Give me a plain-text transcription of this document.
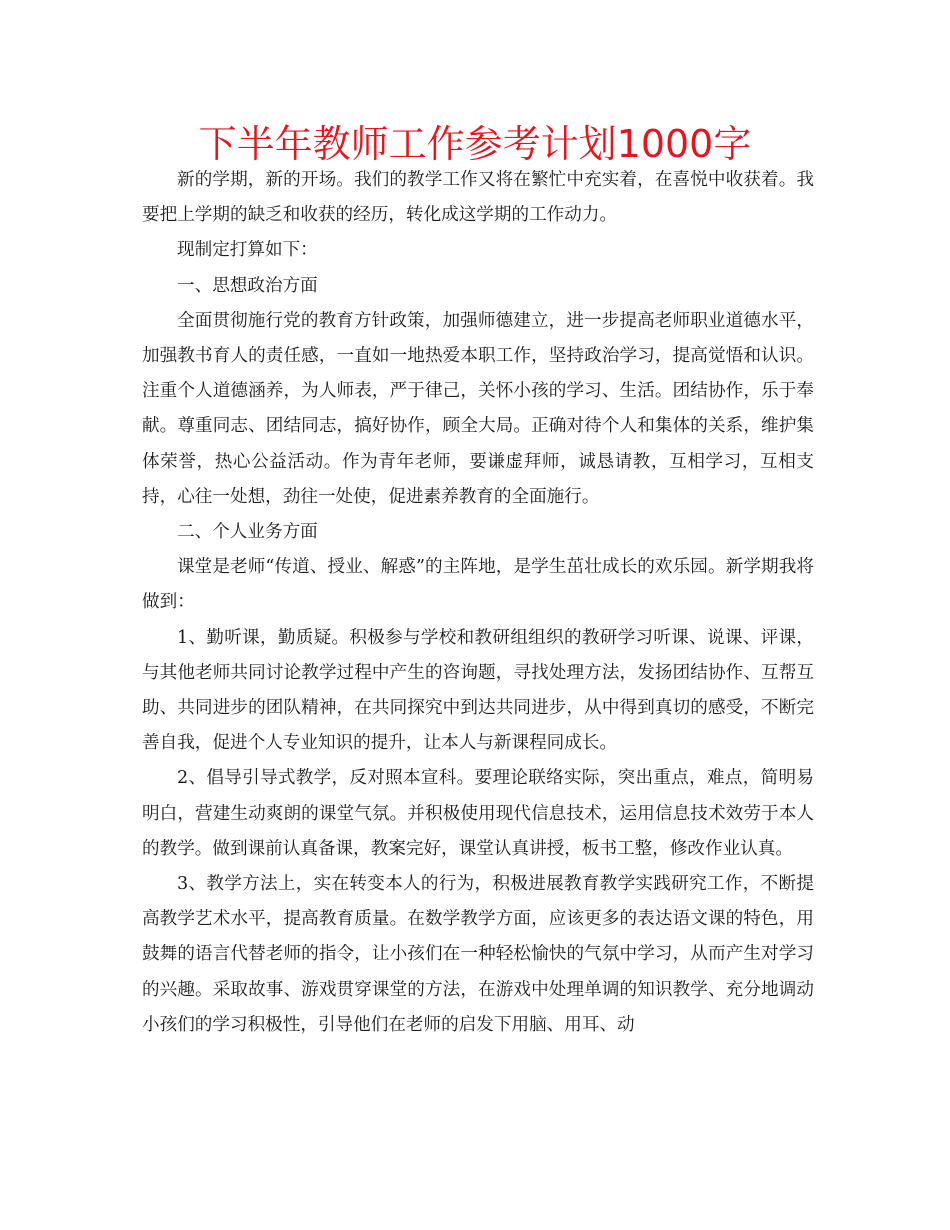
下半年教师工作参考计划1000字

新的学期，新的开场。我们的教学工作又将在繁忙中充实着，在喜悦中收获着。我要把上学期的缺乏和收获的经历，转化成这学期的工作动力。

现制定打算如下：

一、思想政治方面

全面贯彻施行党的教育方针政策，加强师德建立，进一步提高老师职业道德水平，加强教书育人的责任感，一直如一地热爱本职工作，坚持政治学习，提高觉悟和认识。注重个人道德涵养，为人师表，严于律己，关怀小孩的学习、生活。团结协作，乐于奉献。尊重同志、团结同志，搞好协作，顾全大局。正确对待个人和集体的关系，维护集体荣誉，热心公益活动。作为青年老师，要谦虚拜师，诚恳请教，互相学习，互相支持，心往一处想，劲往一处使，促进素养教育的全面施行。

二、个人业务方面

课堂是老师“传道、授业、解惑”的主阵地，是学生茁壮成长的欢乐园。新学期我将做到：

1、勤听课，勤质疑。积极参与学校和教研组组织的教研学习听课、说课、评课，与其他老师共同讨论教学过程中产生的咨询题，寻找处理方法，发扬团结协作、互帮互助、共同进步的团队精神，在共同探究中到达共同进步，从中得到真切的感受，不断完善自我，促进个人专业知识的提升，让本人与新课程同成长。

2、倡导引导式教学，反对照本宣科。要理论联络实际，突出重点，难点，简明易明白，营建生动爽朗的课堂气氛。并积极使用现代信息技术，运用信息技术效劳于本人的教学。做到课前认真备课，教案完好，课堂认真讲授，板书工整，修改作业认真。

3、教学方法上，实在转变本人的行为，积极进展教育教学实践研究工作，不断提高教学艺术水平，提高教育质量。在数学教学方面，应该更多的表达语文课的特色，用鼓舞的语言代替老师的指令，让小孩们在一种轻松愉快的气氛中学习，从而产生对学习的兴趣。采取故事、游戏贯穿课堂的方法，在游戏中处理单调的知识教学、充分地调动小孩们的学习积极性，引导他们在老师的启发下用脑、用耳、动
